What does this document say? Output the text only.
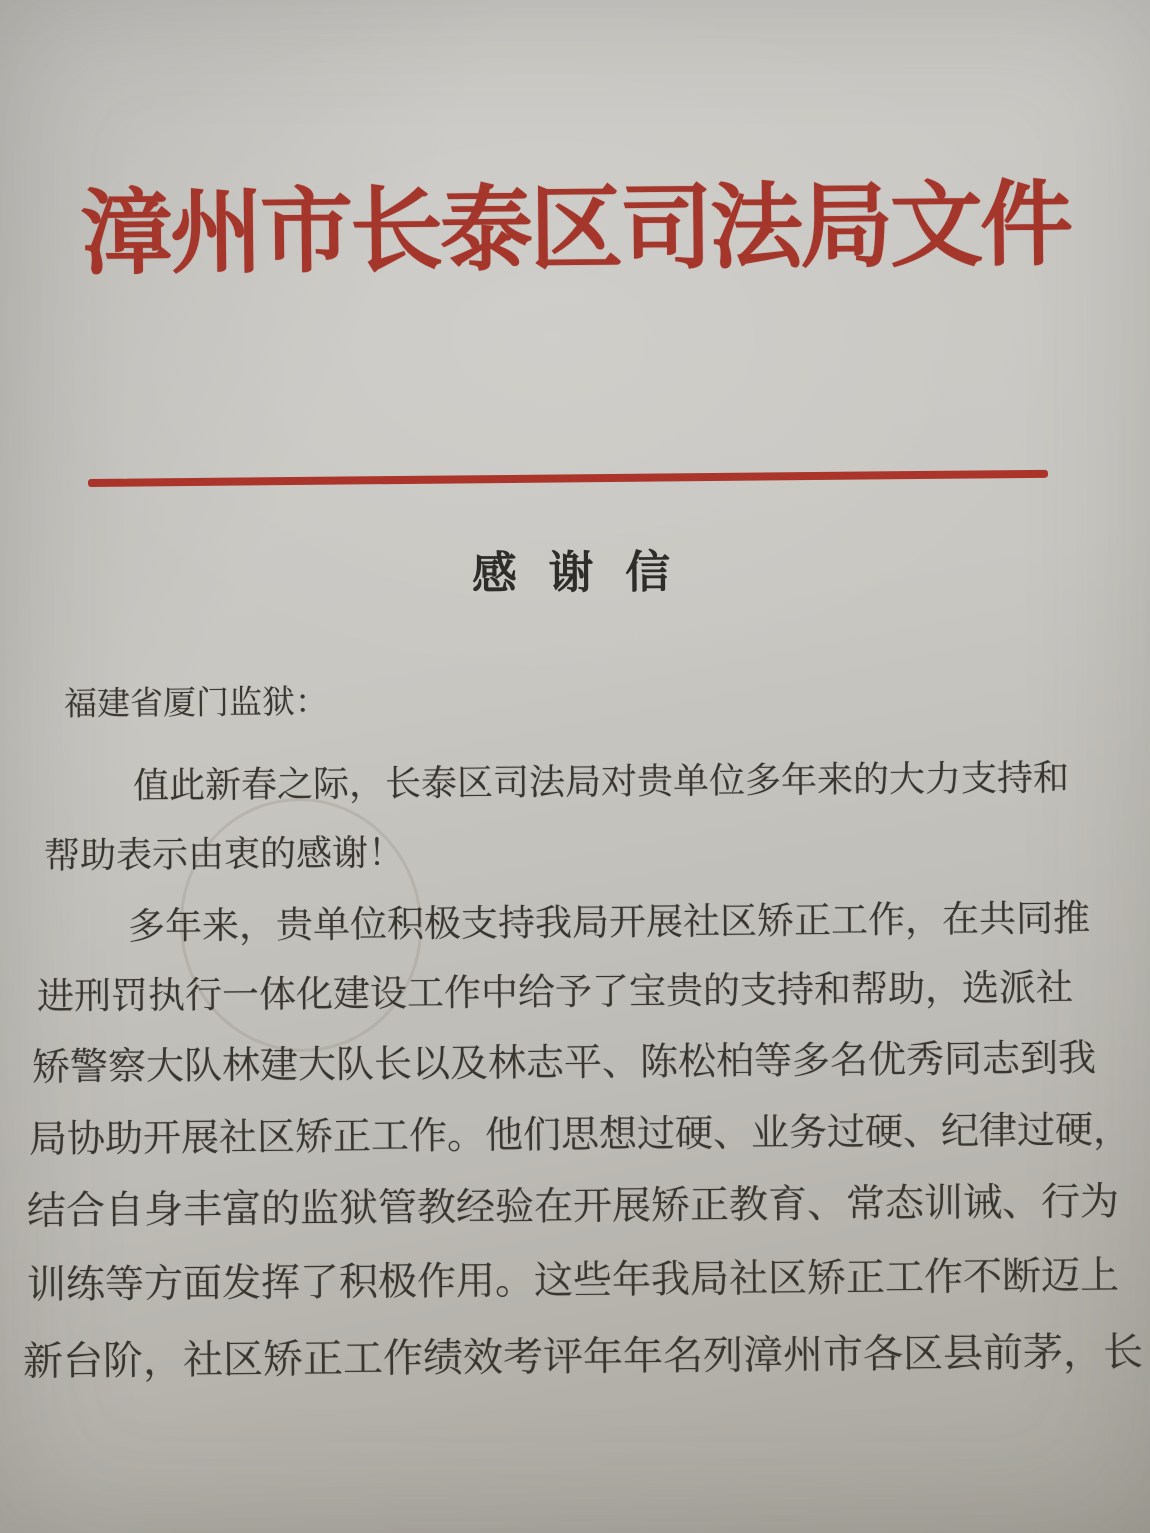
漳州市长泰区司法局文件
感 谢 信
福建省厦门监狱：
值此新春之际，长泰区司法局对贵单位多年来的大力支持和
帮助表示由衷的感谢！
多年来，贵单位积极支持我局开展社区矫正工作，在共同推
进刑罚执行一体化建设工作中给予了宝贵的支持和帮助，选派社
矫警察大队林建大队长以及林志平、陈松柏等多名优秀同志到我
局协助开展社区矫正工作。他们思想过硬、业务过硬、纪律过硬，
结合自身丰富的监狱管教经验在开展矫正教育、常态训诫、行为
训练等方面发挥了积极作用。这些年我局社区矫正工作不断迈上
新台阶，社区矫正工作绩效考评年年名列漳州市各区县前茅，长
